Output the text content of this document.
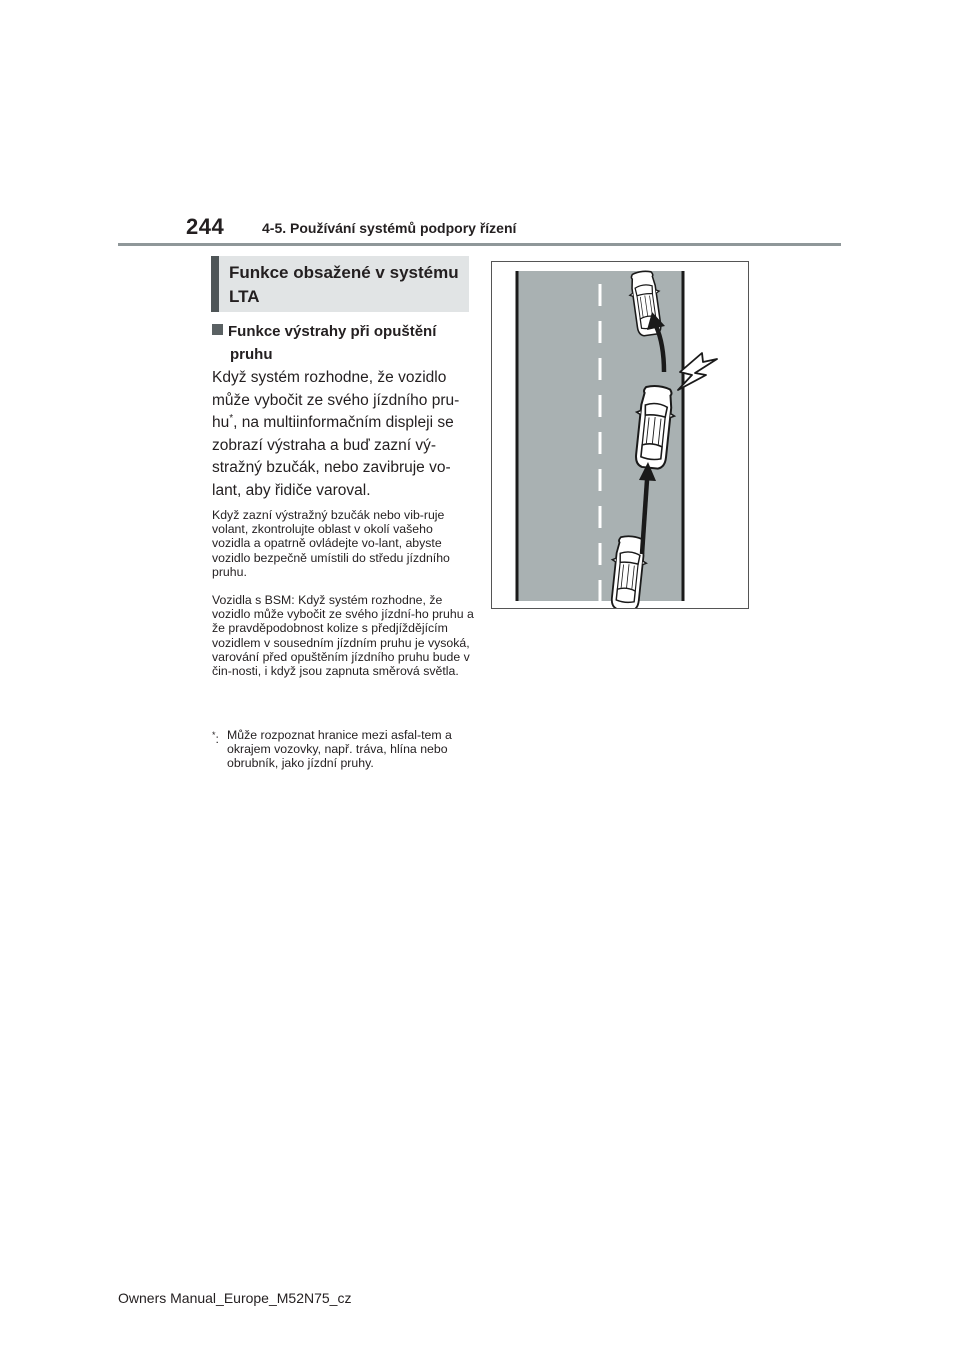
244	4-5. Používání systémů podpory řízení
Funkce obsažené v systému LTA
Funkce výstrahy při opuštění
pruhu

Když systém rozhodne, že vozidlo může vybočit ze svého jízdního pru-hu*, na multiinformačním displeji se zobrazí výstraha a buď zazní vý-stražný bzučák, nebo zavibruje vo-lant, aby řidiče varoval.

Když zazní výstražný bzučák nebo vib-ruje volant, zkontrolujte oblast v okolí vašeho vozidla a opatrně ovládejte vo-lant, abyste vozidlo bezpečně umístili do středu jízdního pruhu.

Vozidla s BSM: Když systém rozhodne, že vozidlo může vybočit ze svého jízdní-ho pruhu a že pravděpodobnost kolize s předjíždějícím vozidlem v sousedním jízdním pruhu je vysoká, varování před opuštěním jízdního pruhu bude v čin-nosti, i když jsou zapnuta směrová světla.

*: Může rozpoznat hranice mezi asfal-tem a okrajem vozovky, např. tráva, hlína nebo obrubník, jako jízdní pruhy.
Owners Manual_Europe_M52N75_cz
